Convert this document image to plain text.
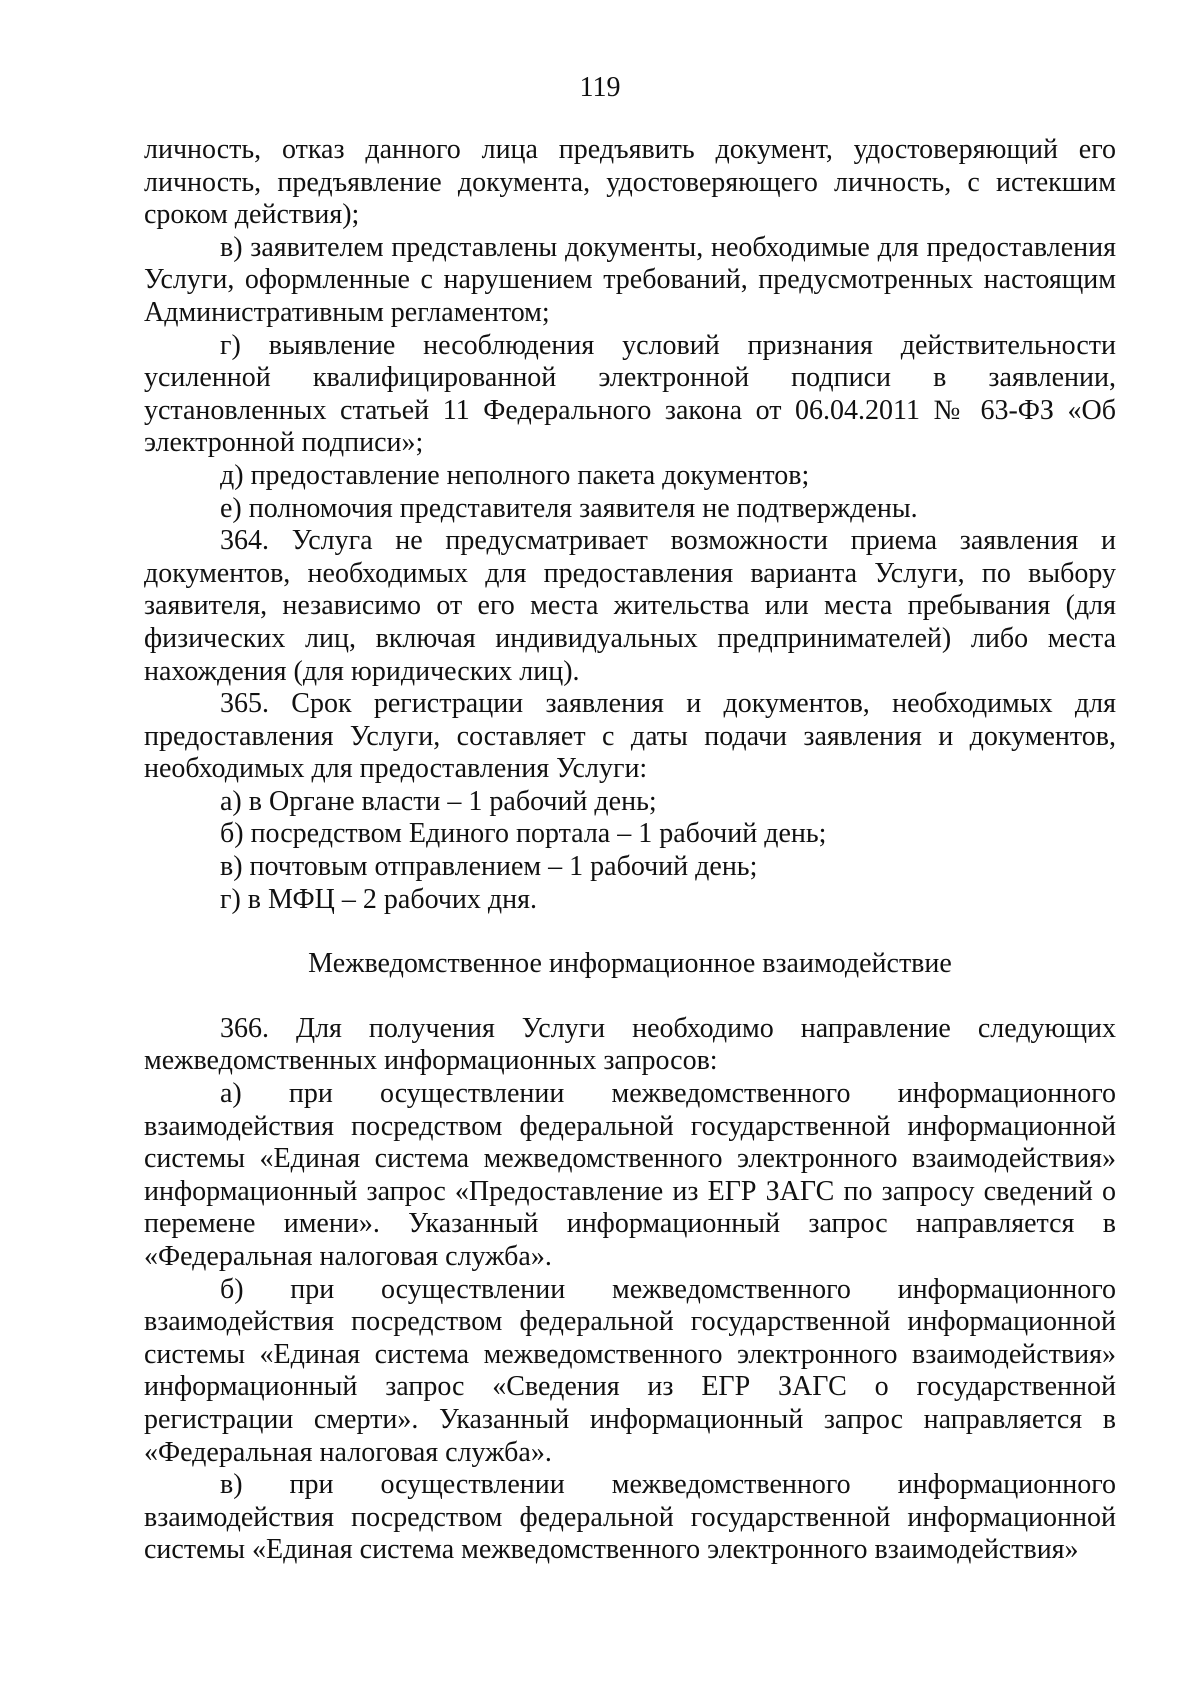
119

личность, отказ данного лица предъявить документ, удостоверяющий его личность, предъявление документа, удостоверяющего личность, с истекшим сроком действия);

в) заявителем представлены документы, необходимые для предоставления Услуги, оформленные с нарушением требований, предусмотренных настоящим Административным регламентом;

г) выявление несоблюдения условий признания действительности усиленной квалифицированной электронной подписи в заявлении, установленных статьей 11 Федерального закона от 06.04.2011 № 63-ФЗ «Об электронной подписи»;

д) предоставление неполного пакета документов;

е) полномочия представителя заявителя не подтверждены.

364. Услуга не предусматривает возможности приема заявления и документов, необходимых для предоставления варианта Услуги, по выбору заявителя, независимо от его места жительства или места пребывания (для физических лиц, включая индивидуальных предпринимателей) либо места нахождения (для юридических лиц).

365. Срок регистрации заявления и документов, необходимых для предоставления Услуги, составляет с даты подачи заявления и документов, необходимых для предоставления Услуги:

а) в Органе власти – 1 рабочий день;

б) посредством Единого портала – 1 рабочий день;

в) почтовым отправлением – 1 рабочий день;

г) в МФЦ – 2 рабочих дня.

Межведомственное информационное взаимодействие

366. Для получения Услуги необходимо направление следующих межведомственных информационных запросов:

а) при осуществлении межведомственного информационного взаимодействия посредством федеральной государственной информационной системы «Единая система межведомственного электронного взаимодействия» информационный запрос «Предоставление из ЕГР ЗАГС по запросу сведений о перемене имени». Указанный информационный запрос направляется в «Федеральная налоговая служба».

б) при осуществлении межведомственного информационного взаимодействия посредством федеральной государственной информационной системы «Единая система межведомственного электронного взаимодействия» информационный запрос «Сведения из ЕГР ЗАГС о государственной регистрации смерти». Указанный информационный запрос направляется в «Федеральная налоговая служба».

в) при осуществлении межведомственного информационного взаимодействия посредством федеральной государственной информационной системы «Единая система межведомственного электронного взаимодействия»
